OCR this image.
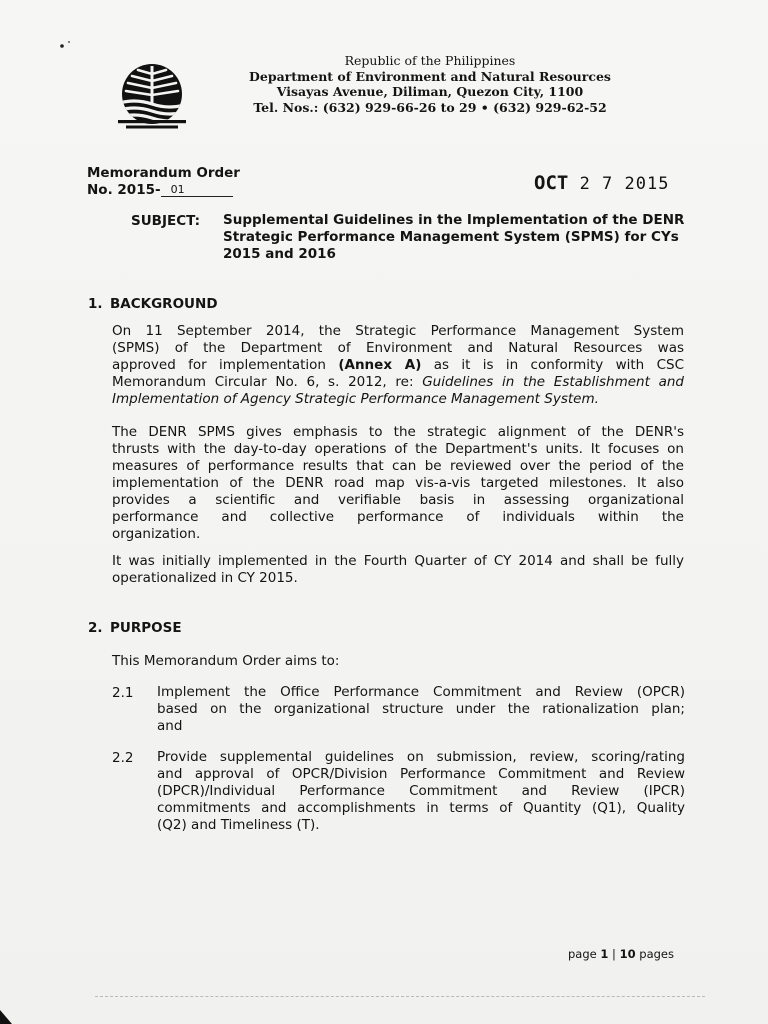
Republic of the Philippines
Department of Environment and Natural Resources
Visayas Avenue, Diliman, Quezon City, 1100
Tel. Nos.: (632) 929-66-26 to 29 • (632) 929-62-52
Memorandum Order
No. 2015- 01	OCT 2 7 2015
SUBJECT: Supplemental Guidelines in the Implementation of the DENR
Strategic Performance Management System (SPMS) for CYs
2015 and 2016
1. BACKGROUND
On 11 September 2014, the Strategic Performance Management System
(SPMS) of the Department of Environment and Natural Resources was
approved for implementation (Annex A) as it is in conformity with CSC
Memorandum Circular No. 6, s. 2012, re: Guidelines in the Establishment and
Implementation of Agency Strategic Performance Management System.
The DENR SPMS gives emphasis to the strategic alignment of the DENR's
thrusts with the day-to-day operations of the Department's units. It focuses on
measures of performance results that can be reviewed over the period of the
implementation of the DENR road map vis-a-vis targeted milestones. It also
provides a scientific and verifiable basis in assessing organizational
performance and collective performance of individuals within the
organization.
It was initially implemented in the Fourth Quarter of CY 2014 and shall be fully
operationalized in CY 2015.
2. PURPOSE
This Memorandum Order aims to:
2.1 Implement the Office Performance Commitment and Review (OPCR)
based on the organizational structure under the rationalization plan;
and
2.2 Provide supplemental guidelines on submission, review, scoring/rating
and approval of OPCR/Division Performance Commitment and Review
(DPCR)/Individual Performance Commitment and Review (IPCR)
commitments and accomplishments in terms of Quantity (Q1), Quality
(Q2) and Timeliness (T).
page 1 | 10 pages
